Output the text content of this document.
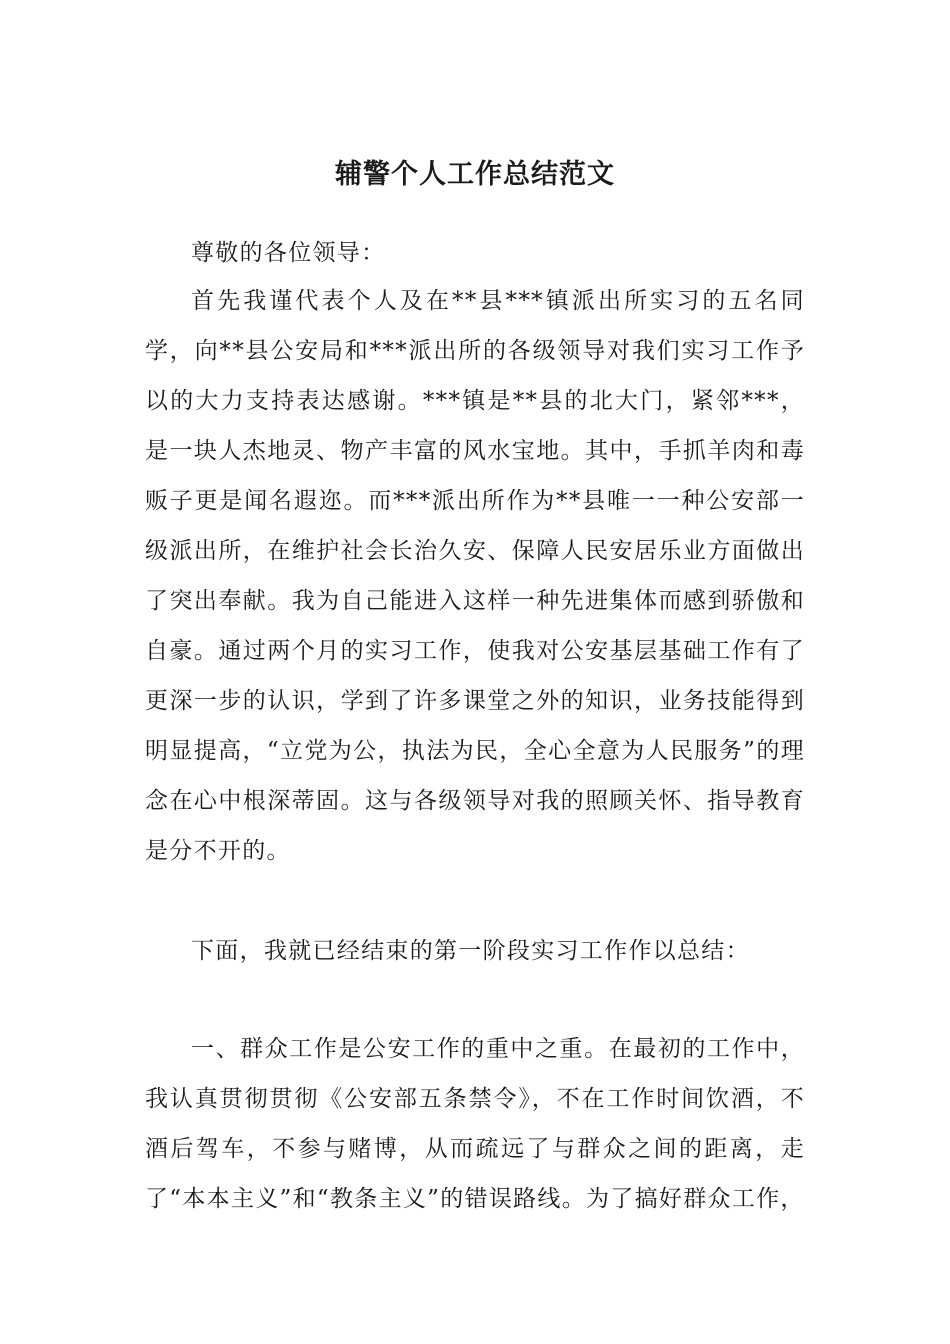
辅警个人工作总结范文

尊敬的各位领导：

首先我谨代表个人及在**县***镇派出所实习的五名同学，向**县公安局和***派出所的各级领导对我们实习工作予以的大力支持表达感谢。***镇是**县的北大门，紧邻***，是一块人杰地灵、物产丰富的风水宝地。其中，手抓羊肉和毒贩子更是闻名遐迩。而***派出所作为**县唯一一种公安部一级派出所，在维护社会长治久安、保障人民安居乐业方面做出了突出奉献。我为自己能进入这样一种先进集体而感到骄傲和自豪。通过两个月的实习工作，使我对公安基层基础工作有了更深一步的认识，学到了许多课堂之外的知识，业务技能得到明显提高，“立党为公，执法为民，全心全意为人民服务”的理念在心中根深蒂固。这与各级领导对我的照顾关怀、指导教育是分不开的。

下面，我就已经结束的第一阶段实习工作作以总结：

一、群众工作是公安工作的重中之重。在最初的工作中，我认真贯彻贯彻《公安部五条禁令》，不在工作时间饮酒，不酒后驾车，不参与赌博，从而疏远了与群众之间的距离，走了“本本主义”和“教条主义”的错误路线。为了搞好群众工作，
